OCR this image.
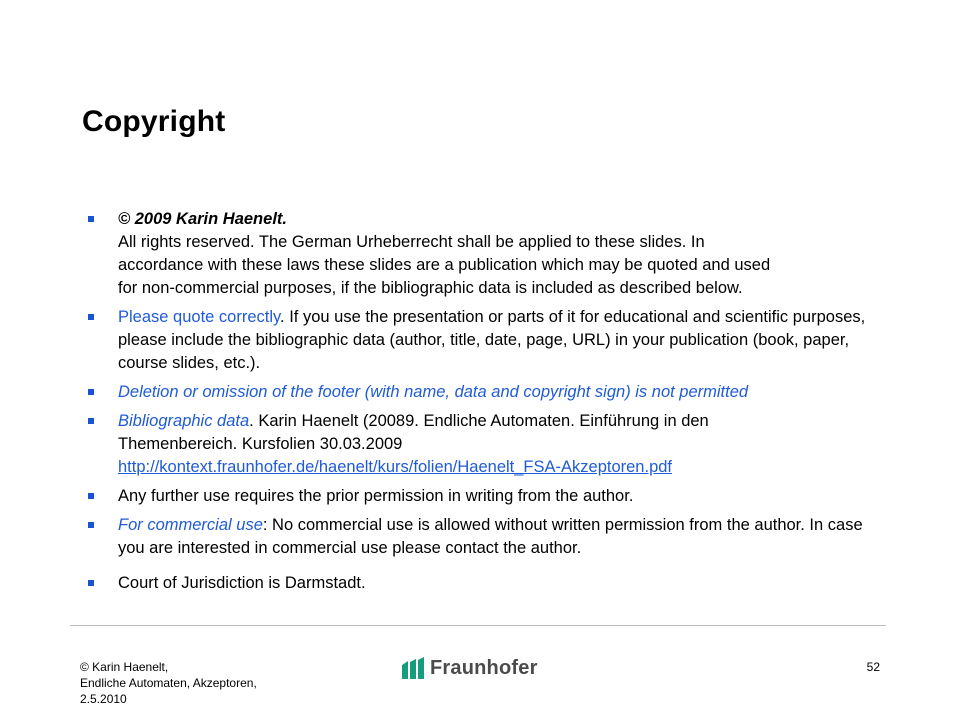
Copyright
© 2009 Karin Haenelt.
All rights reserved. The German Urheberrecht shall be applied to these slides. In
accordance with these laws these slides are a publication which may be quoted and used
for non-commercial purposes, if the bibliographic data is included as described below.
Please quote correctly. If you use the presentation or parts of it for educational and scientific purposes, please include the bibliographic data (author, title, date, page, URL) in your publication (book, paper, course slides, etc.).
Deletion or omission of the footer (with name, data and copyright sign) is not permitted
Bibliographic data. Karin Haenelt (20089. Endliche Automaten. Einführung in den
Themenbereich. Kursfolien 30.03.2009
http://kontext.fraunhofer.de/haenelt/kurs/folien/Haenelt_FSA-Akzeptoren.pdf
Any further use requires the prior permission in writing from the author.
For commercial use: No commercial use is allowed without written permission from the author. In case you are interested in commercial use please contact the author.
Court of Jurisdiction is Darmstadt.
© Karin Haenelt,
Endliche Automaten, Akzeptoren,
2.5.2010
Fraunhofer	52
